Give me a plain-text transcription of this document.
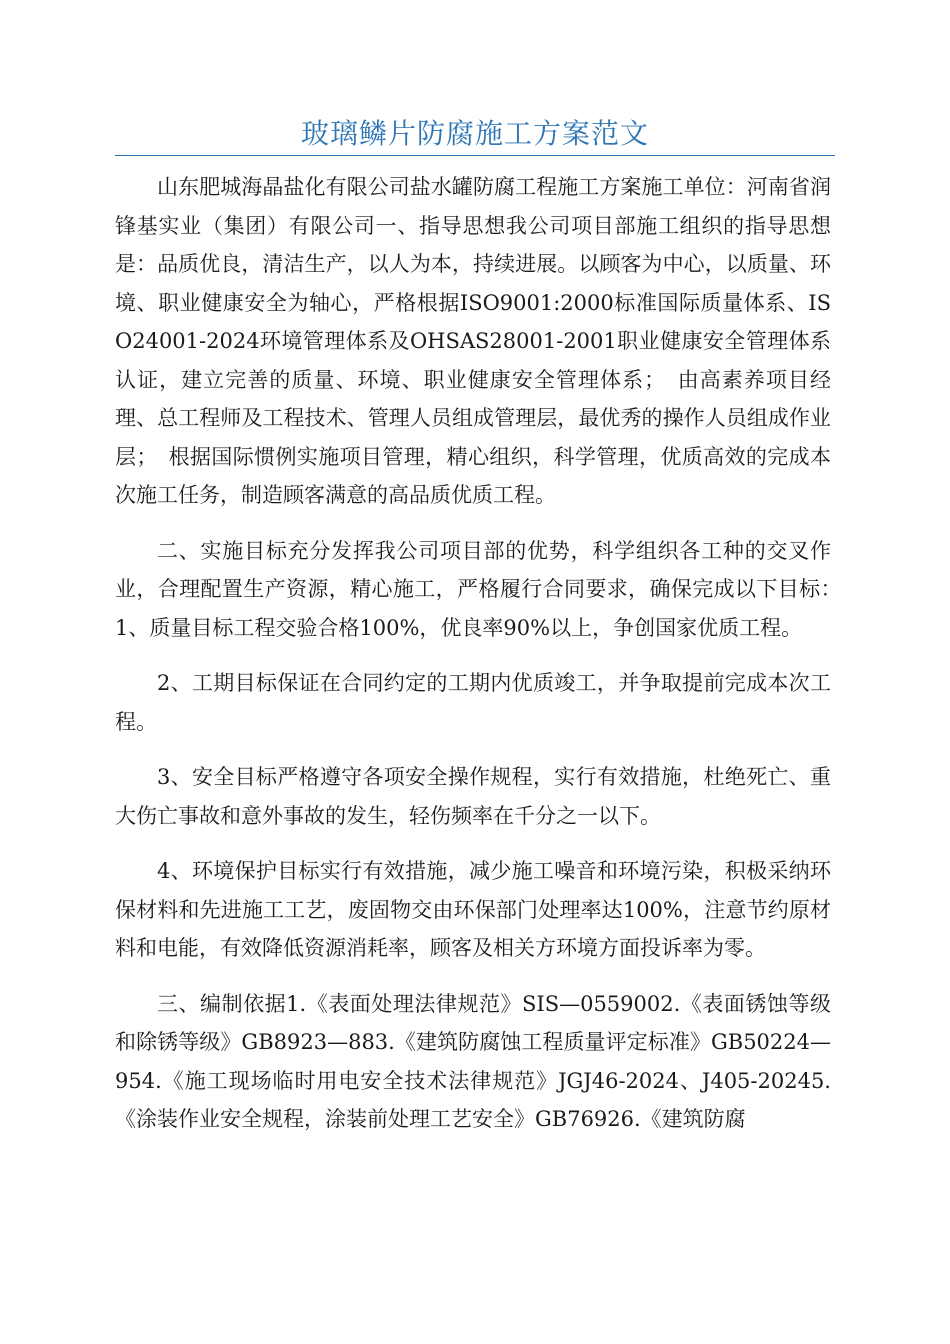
玻璃鳞片防腐施工方案范文

山东肥城海晶盐化有限公司盐水罐防腐工程施工方案施工单位：河南省润锋基实业（集团）有限公司一、指导思想我公司项目部施工组织的指导思想是：品质优良，清洁生产，以人为本，持续进展。以顾客为中心，以质量、环境、职业健康安全为轴心，严格根据ISO9001:2000标准国际质量体系、ISO24001-2024环境管理体系及OHSAS28001-2001职业健康安全管理体系认证，建立完善的质量、环境、职业健康安全管理体系；　由高素养项目经理、总工程师及工程技术、管理人员组成管理层，最优秀的操作人员组成作业层；　根据国际惯例实施项目管理，精心组织，科学管理，优质高效的完成本次施工任务，制造顾客满意的高品质优质工程。

二、实施目标充分发挥我公司项目部的优势，科学组织各工种的交叉作业，合理配置生产资源，精心施工，严格履行合同要求，确保完成以下目标：　1、质量目标工程交验合格100%，优良率90%以上，争创国家优质工程。

2、工期目标保证在合同约定的工期内优质竣工，并争取提前完成本次工程。

3、安全目标严格遵守各项安全操作规程，实行有效措施，杜绝死亡、重大伤亡事故和意外事故的发生，轻伤频率在千分之一以下。

4、环境保护目标实行有效措施，减少施工噪音和环境污染，积极采纳环保材料和先进施工工艺，废固物交由环保部门处理率达100%，注意节约原材料和电能，有效降低资源消耗率，顾客及相关方环境方面投诉率为零。

三、编制依据1.《表面处理法律规范》SIS—0559002.《表面锈蚀等级和除锈等级》GB8923—883.《建筑防腐蚀工程质量评定标准》GB50224—954.《施工现场临时用电安全技术法律规范》JGJ46-2024、J405-20245.《涂装作业安全规程，涂装前处理工艺安全》GB76926.《建筑防腐
